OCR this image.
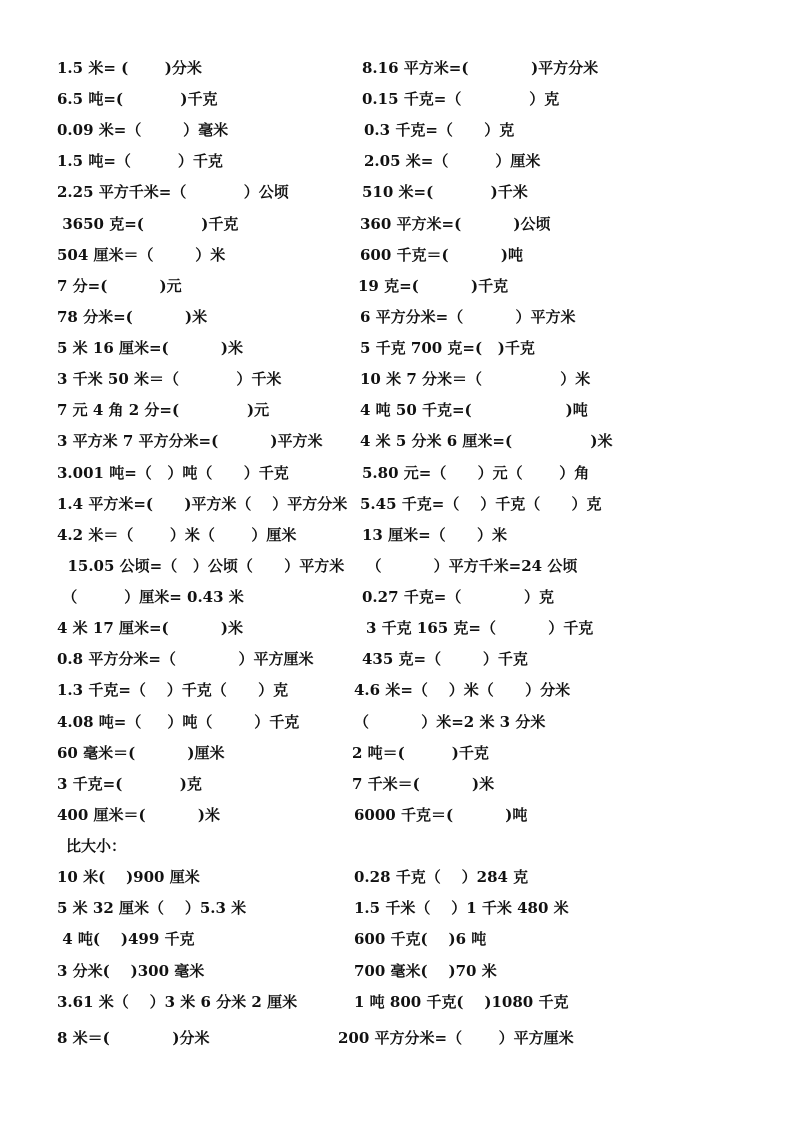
1.5 米= (       )分米	8.16 平方米=(            )平方分米
6.5 吨=(           )千克	0.15 千克=（             ）克
0.09 米=（        ）毫米	0.3 千克=（      ）克
1.5 吨=（         ）千克	2.05 米=（         ）厘米
2.25 平方千米=（           ）公顷	510 米=(           )千米
3650 克=(           )千克	360 平方米=(          )公顷
504 厘米＝（        ）米	600 千克＝(          )吨
7 分=(          )元	19 克=(          )千克
78 分米=(          )米	6 平方分米=（          ）平方米
5 米 16 厘米=(          )米	5 千克 700 克=(   )千克
3 千米 50 米＝（           ）千米	10 米 7 分米＝（               ）米
7 元 4 角 2 分=(             )元	4 吨 50 千克=(                  )吨
3 平方米 7 平方分米=(          )平方米 4 米 5 分米 6 厘米=(               )米
3.001 吨=（   ）吨（      ）千克	5.80 元=（      ）元（       ）角
1.4 平方米=(      )平方米（    ）平方分米 5.45 千克=（    ）千克（      ）克
4.2 米＝（       ）米（       ）厘米	13 厘米=（      ）米
15.05 公顷=（   ）公顷（      ）平方米 （          ）平方千米=24 公顷
（         ）厘米= 0.43 米	0.27 千克=（            ）克
4 米 17 厘米=(          )米	3 千克 165 克=（          ）千克
0.8 平方分米=（            ）平方厘米	435 克=（        ）千克
1.3 千克=（    ）千克（      ）克	4.6 米=（    ）米（      ）分米
4.08 吨=（     ）吨（        ）千克	（          ）米=2 米 3 分米
60 毫米＝(          )厘米	2 吨＝(         )千克
3 千克=(           )克	7 千米＝(          )米
400 厘米＝(          )米	6000 千克＝(          )吨
比大小：
10 米(    )900 厘米	0.28 千克（    ）284 克
5 米 32 厘米（    ）5.3 米	1.5 千米（    ）1 千米 480 米
4 吨(    )499 千克	600 千克(    )6 吨
3 分米(    )300 毫米	700 毫米(    )70 米
3.61 米（    ）3 米 6 分米 2 厘米	1 吨 800 千克(    )1080 千克
8 米＝(            )分米	200 平方分米=（       ）平方厘米
